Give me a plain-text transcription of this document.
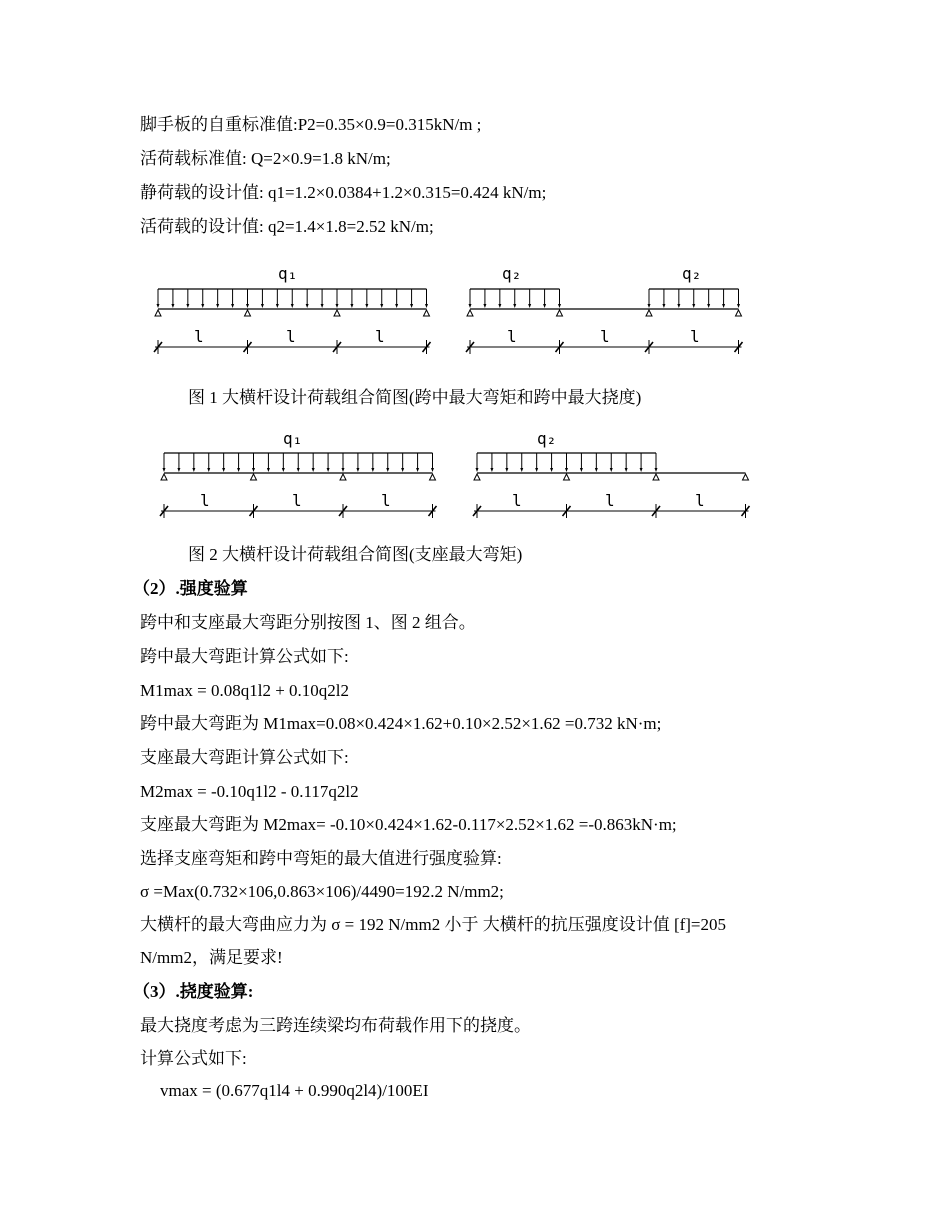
脚手板的自重标准值:P2=0.35×0.9=0.315kN/m ;
活荷载标准值: Q=2×0.9=1.8 kN/m;
静荷载的设计值: q1=1.2×0.0384+1.2×0.315=0.424 kN/m;
活荷载的设计值: q2=1.4×1.8=2.52 kN/m;
q₁	q₂	q₂
l	l	l	l	l	l
图 1 大横杆设计荷载组合简图(跨中最大弯矩和跨中最大挠度)
q₁	q₂
l	l	l	l	l	l
图 2 大横杆设计荷载组合简图(支座最大弯矩)
（2）.强度验算
跨中和支座最大弯距分别按图 1、图 2 组合。
跨中最大弯距计算公式如下:
M1max = 0.08q1l2 + 0.10q2l2
跨中最大弯距为 M1max=0.08×0.424×1.62+0.10×2.52×1.62 =0.732 kN·m;
支座最大弯距计算公式如下:
M2max = -0.10q1l2 - 0.117q2l2
支座最大弯距为 M2max= -0.10×0.424×1.62-0.117×2.52×1.62 =-0.863kN·m;
选择支座弯矩和跨中弯矩的最大值进行强度验算:
σ =Max(0.732×106,0.863×106)/4490=192.2 N/mm2;
大横杆的最大弯曲应力为 σ = 192 N/mm2 小于 大横杆的抗压强度设计值 [f]=205
N/mm2，满足要求!
（3）.挠度验算:
最大挠度考虑为三跨连续梁均布荷载作用下的挠度。
计算公式如下:
vmax = (0.677q1l4 + 0.990q2l4)/100EI
